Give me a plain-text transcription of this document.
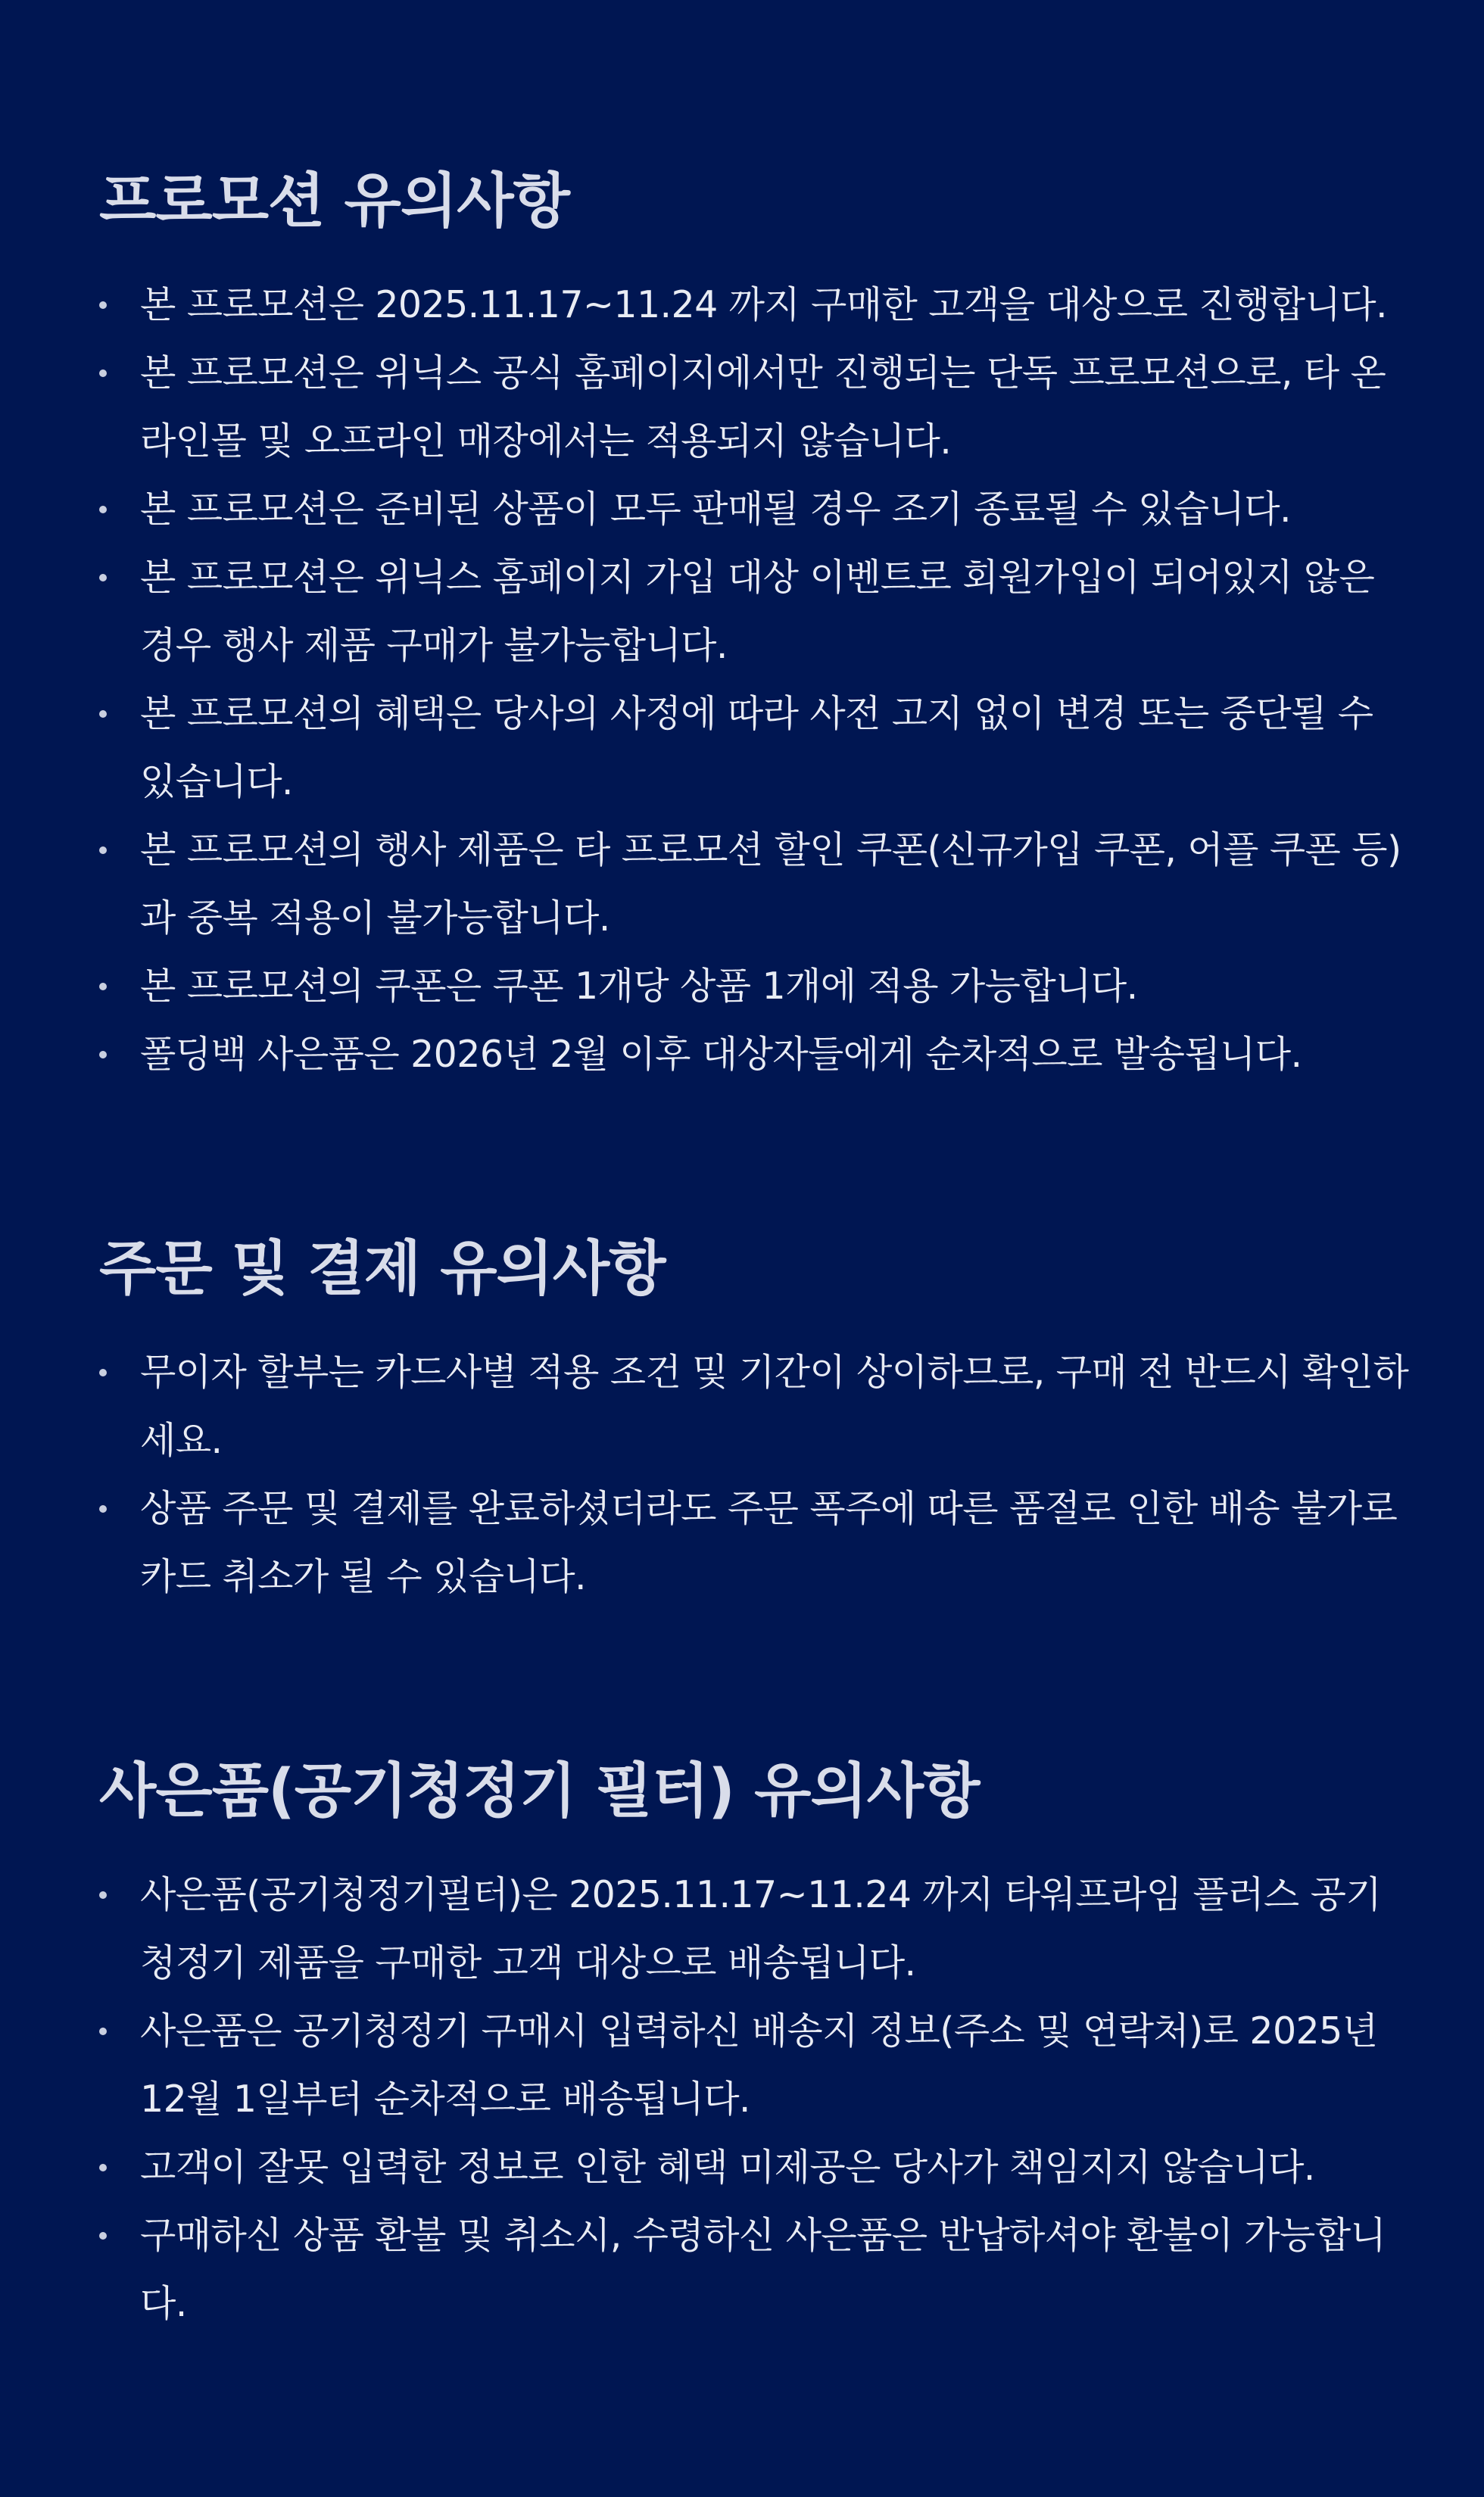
프로모션 유의사항
본 프로모션은 2025.11.17~11.24 까지 구매한 고객을 대상으로 진행합니다.
본 프로모션은 위닉스 공식 홈페이지에서만 진행되는 단독 프로모션으로, 타 온라인몰 및 오프라인 매장에서는 적용되지 않습니다.
본 프로모션은 준비된 상품이 모두 판매될 경우 조기 종료될 수 있습니다.
본 프로모션은 위닉스 홈페이지 가입 대상 이벤트로 회원가입이 되어있지 않은 경우 행사 제품 구매가 불가능합니다.
본 프로모션의 혜택은 당사의 사정에 따라 사전 고지 없이 변경 또는 중단될 수 있습니다.
본 프로모션의 행사 제품은 타 프로모션 할인 쿠폰(신규가입 쿠폰, 어플 쿠폰 등)과 중복 적용이 불가능합니다.
본 프로모션의 쿠폰은 쿠폰 1개당 상품 1개에 적용 가능합니다.
폴딩백 사은품은 2026년 2월 이후 대상자들에게 순차적으로 발송됩니다.
주문 및 결제 유의사항
무이자 할부는 카드사별 적용 조건 및 기간이 상이하므로, 구매 전 반드시 확인하세요.
상품 주문 및 결제를 완료하셨더라도 주문 폭주에 따른 품절로 인한 배송 불가로 카드 취소가 될 수 있습니다.
사은품(공기청정기 필터) 유의사항
사은품(공기청정기필터)은 2025.11.17~11.24 까지 타워프라임 플러스 공기청정기 제품을 구매한 고객 대상으로 배송됩니다.
사은품은 공기청정기 구매시 입력하신 배송지 정보(주소 및 연락처)로 2025년 12월 1일부터 순차적으로 배송됩니다.
고객이 잘못 입력한 정보로 인한 혜택 미제공은 당사가 책임지지 않습니다.
구매하신 상품 환불 및 취소시, 수령하신 사은품은 반납하셔야 환불이 가능합니다.
